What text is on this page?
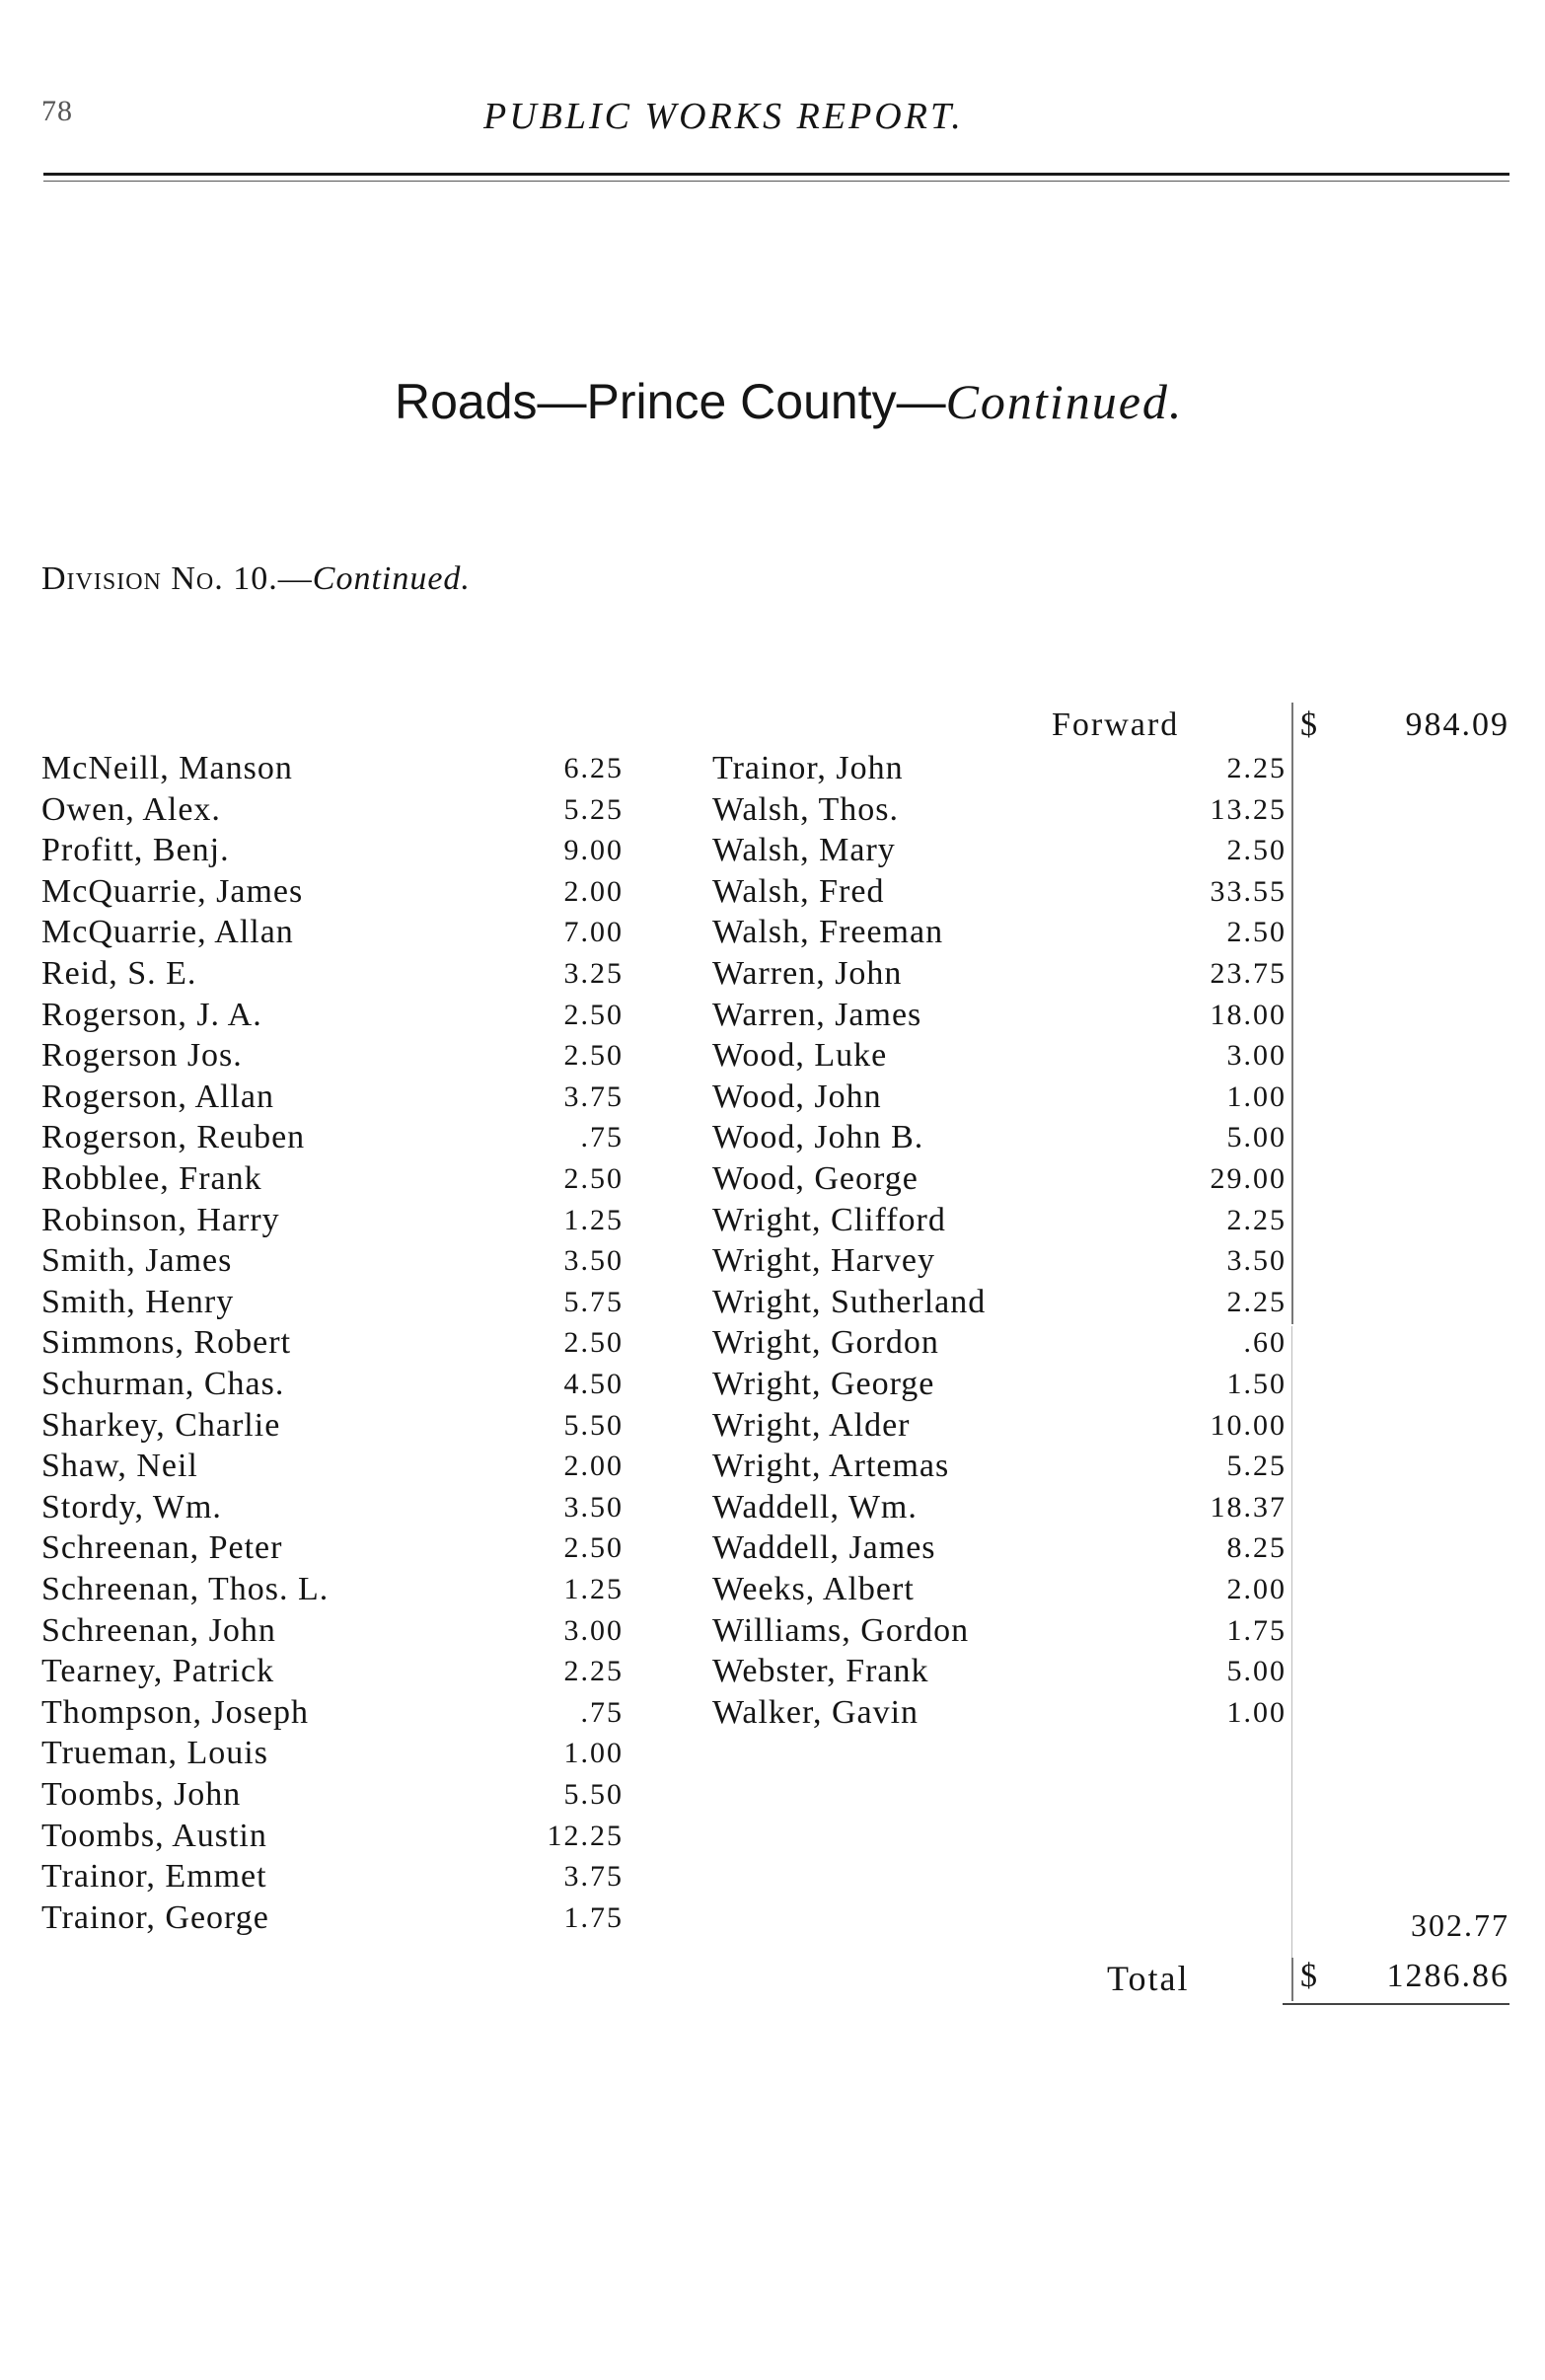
78	PUBLIC WORKS REPORT.
Roads—Prince County—Continued.
Division No. 10.—Continued.
Forward	$	984.09
McNeill, Manson	6.25
Owen, Alex.	5.25
Profitt, Benj.	9.00
McQuarrie, James	2.00
McQuarrie, Allan	7.00
Reid, S. E.	3.25
Rogerson, J. A.	2.50
Rogerson Jos.	2.50
Rogerson, Allan	3.75
Rogerson, Reuben	.75
Robblee, Frank	2.50
Robinson, Harry	1.25
Smith, James	3.50
Smith, Henry	5.75
Simmons, Robert	2.50
Schurman, Chas.	4.50
Sharkey, Charlie	5.50
Shaw, Neil	2.00
Stordy, Wm.	3.50
Schreenan, Peter	2.50
Schreenan, Thos. L.	1.25
Schreenan, John	3.00
Tearney, Patrick	2.25
Thompson, Joseph	.75
Trueman, Louis	1.00
Toombs, John	5.50
Toombs, Austin	12.25
Trainor, Emmet	3.75
Trainor, George	1.75
Trainor, John	2.25
Walsh, Thos.	13.25
Walsh, Mary	2.50
Walsh, Fred	33.55
Walsh, Freeman	2.50
Warren, John	23.75
Warren, James	18.00
Wood, Luke	3.00
Wood, John	1.00
Wood, John B.	5.00
Wood, George	29.00
Wright, Clifford	2.25
Wright, Harvey	3.50
Wright, Sutherland	2.25
Wright, Gordon	.60
Wright, George	1.50
Wright, Alder	10.00
Wright, Artemas	5.25
Waddell, Wm.	18.37
Waddell, James	8.25
Weeks, Albert	2.00
Williams, Gordon	1.75
Webster, Frank	5.00
Walker, Gavin	1.00
302.77
Total	$ 1286.86
